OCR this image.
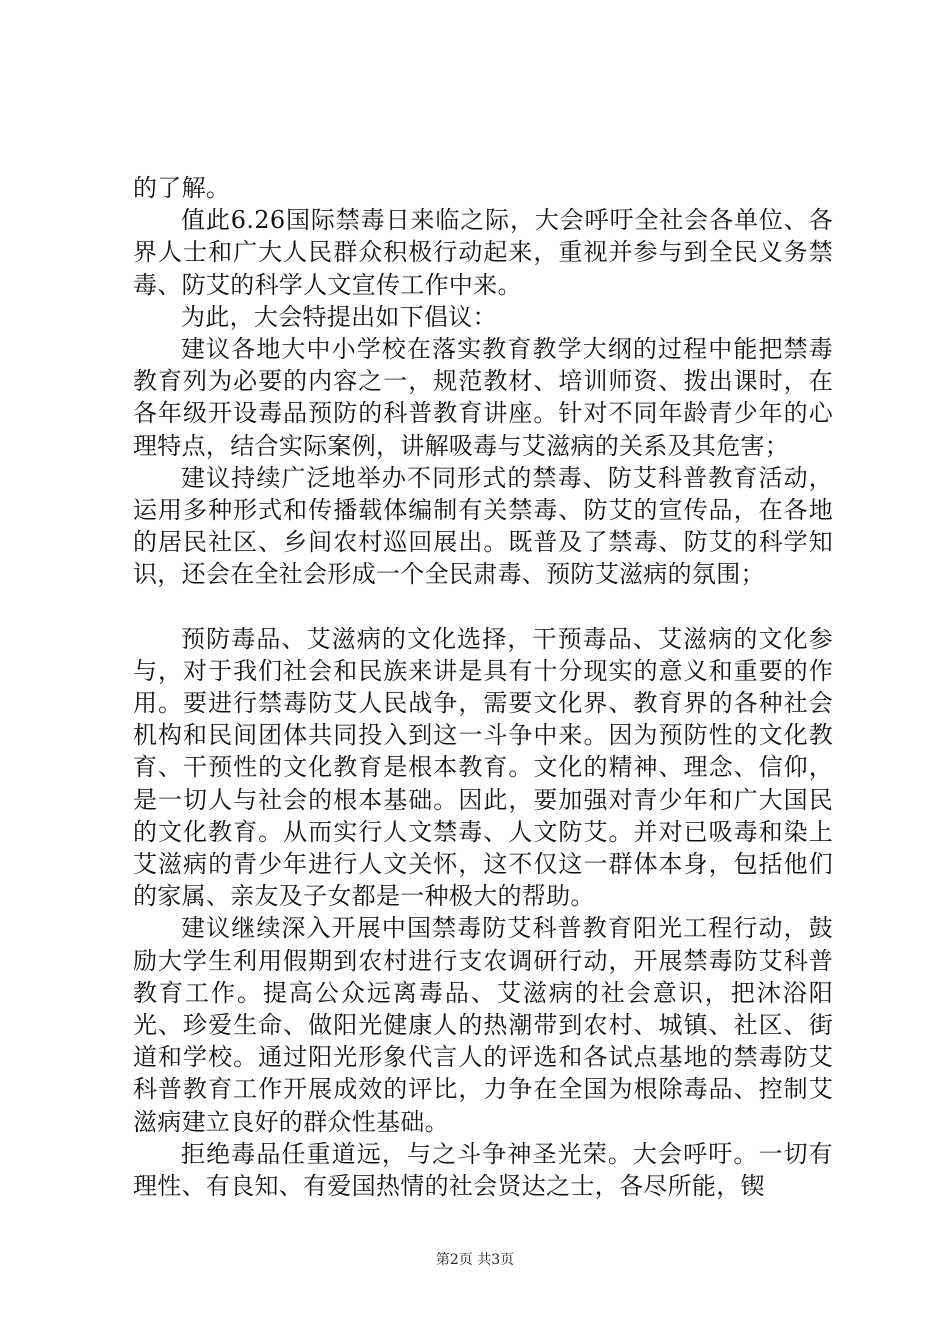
的了解。

值此6.26国际禁毒日来临之际，大会呼吁全社会各单位、各界人士和广大人民群众积极行动起来，重视并参与到全民义务禁毒、防艾的科学人文宣传工作中来。

为此，大会特提出如下倡议：

建议各地大中小学校在落实教育教学大纲的过程中能把禁毒教育列为必要的内容之一，规范教材、培训师资、拨出课时，在各年级开设毒品预防的科普教育讲座。针对不同年龄青少年的心理特点，结合实际案例，讲解吸毒与艾滋病的关系及其危害；

建议持续广泛地举办不同形式的禁毒、防艾科普教育活动，运用多种形式和传播载体编制有关禁毒、防艾的宣传品，在各地的居民社区、乡间农村巡回展出。既普及了禁毒、防艾的科学知识，还会在全社会形成一个全民肃毒、预防艾滋病的氛围；

预防毒品、艾滋病的文化选择，干预毒品、艾滋病的文化参与，对于我们社会和民族来讲是具有十分现实的意义和重要的作用。要进行禁毒防艾人民战争，需要文化界、教育界的各种社会机构和民间团体共同投入到这一斗争中来。因为预防性的文化教育、干预性的文化教育是根本教育。文化的精神、理念、信仰，是一切人与社会的根本基础。因此，要加强对青少年和广大国民的文化教育。从而实行人文禁毒、人文防艾。并对已吸毒和染上艾滋病的青少年进行人文关怀，这不仅这一群体本身，包括他们的家属、亲友及子女都是一种极大的帮助。

建议继续深入开展中国禁毒防艾科普教育阳光工程行动，鼓励大学生利用假期到农村进行支农调研行动，开展禁毒防艾科普教育工作。提高公众远离毒品、艾滋病的社会意识，把沐浴阳光、珍爱生命、做阳光健康人的热潮带到农村、城镇、社区、街道和学校。通过阳光形象代言人的评选和各试点基地的禁毒防艾科普教育工作开展成效的评比，力争在全国为根除毒品、控制艾滋病建立良好的群众性基础。

拒绝毒品任重道远，与之斗争神圣光荣。大会呼吁。一切有理性、有良知、有爱国热情的社会贤达之士，各尽所能，锲

第2页 共3页
